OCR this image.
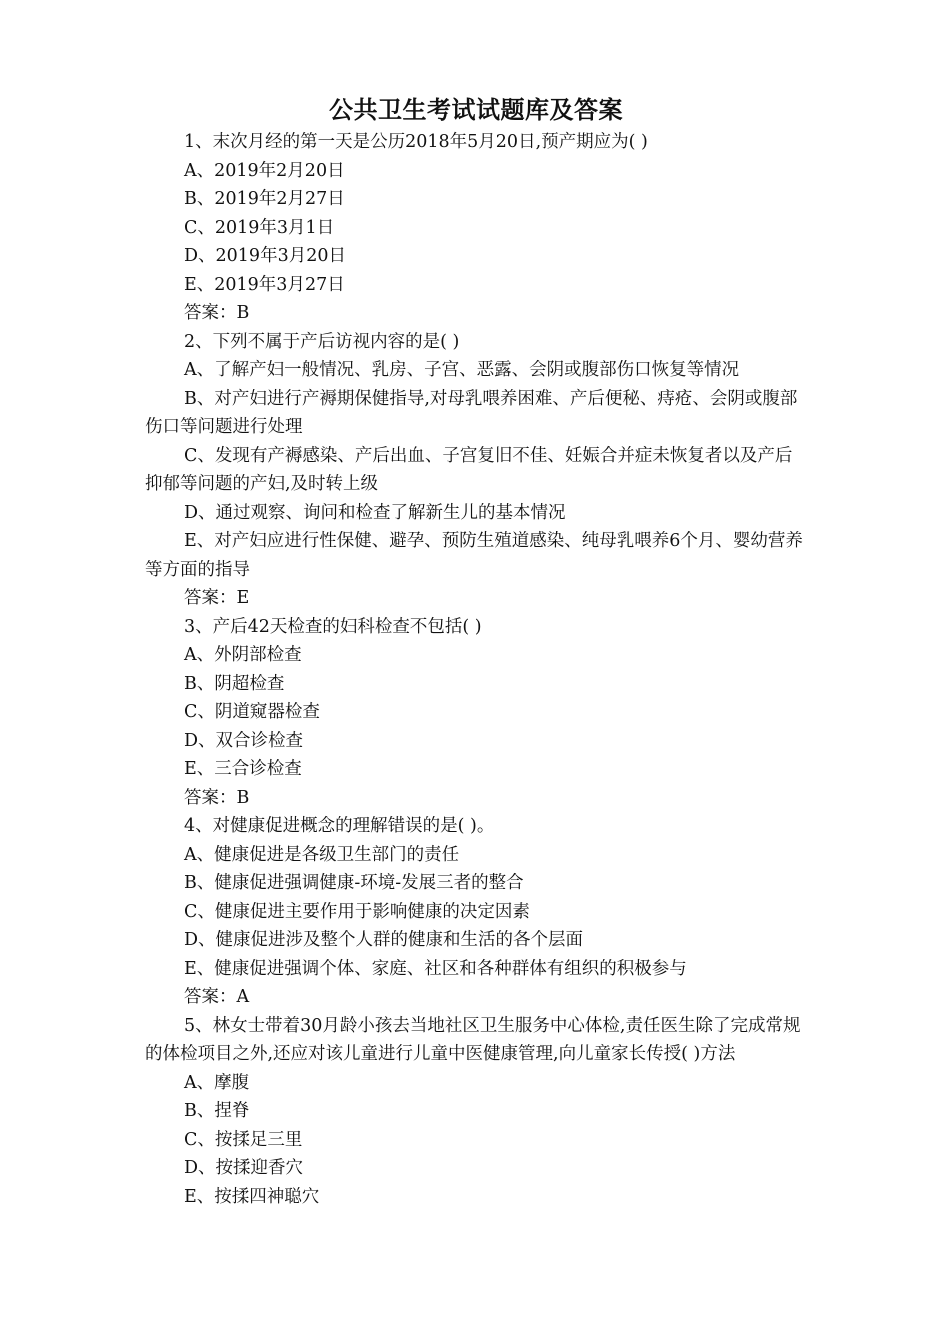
公共卫生考试试题库及答案

1、末次月经的第一天是公历2018年5月20日,预产期应为( )

A、2019年2月20日

B、2019年2月27日

C、2019年3月1日

D、2019年3月20日

E、2019年3月27日

答案：B

2、下列不属于产后访视内容的是( )

A、了解产妇一般情况、乳房、子宫、恶露、会阴或腹部伤口恢复等情况

B、对产妇进行产褥期保健指导,对母乳喂养困难、产后便秘、痔疮、会阴或腹部伤口等问题进行处理

C、发现有产褥感染、产后出血、子宫复旧不佳、妊娠合并症未恢复者以及产后抑郁等问题的产妇,及时转上级

D、通过观察、询问和检查了解新生儿的基本情况

E、对产妇应进行性保健、避孕、预防生殖道感染、纯母乳喂养6个月、婴幼营养等方面的指导

答案：E

3、产后42天检查的妇科检查不包括( )

A、外阴部检查

B、阴超检查

C、阴道窥器检查

D、双合诊检查

E、三合诊检查

答案：B

4、对健康促进概念的理解错误的是( )。

A、健康促进是各级卫生部门的责任

B、健康促进强调健康-环境-发展三者的整合

C、健康促进主要作用于影响健康的决定因素

D、健康促进涉及整个人群的健康和生活的各个层面

E、健康促进强调个体、家庭、社区和各种群体有组织的积极参与

答案：A

5、林女士带着30月龄小孩去当地社区卫生服务中心体检,责任医生除了完成常规的体检项目之外,还应对该儿童进行儿童中医健康管理,向儿童家长传授( )方法

A、摩腹

B、捏脊

C、按揉足三里

D、按揉迎香穴

E、按揉四神聪穴
